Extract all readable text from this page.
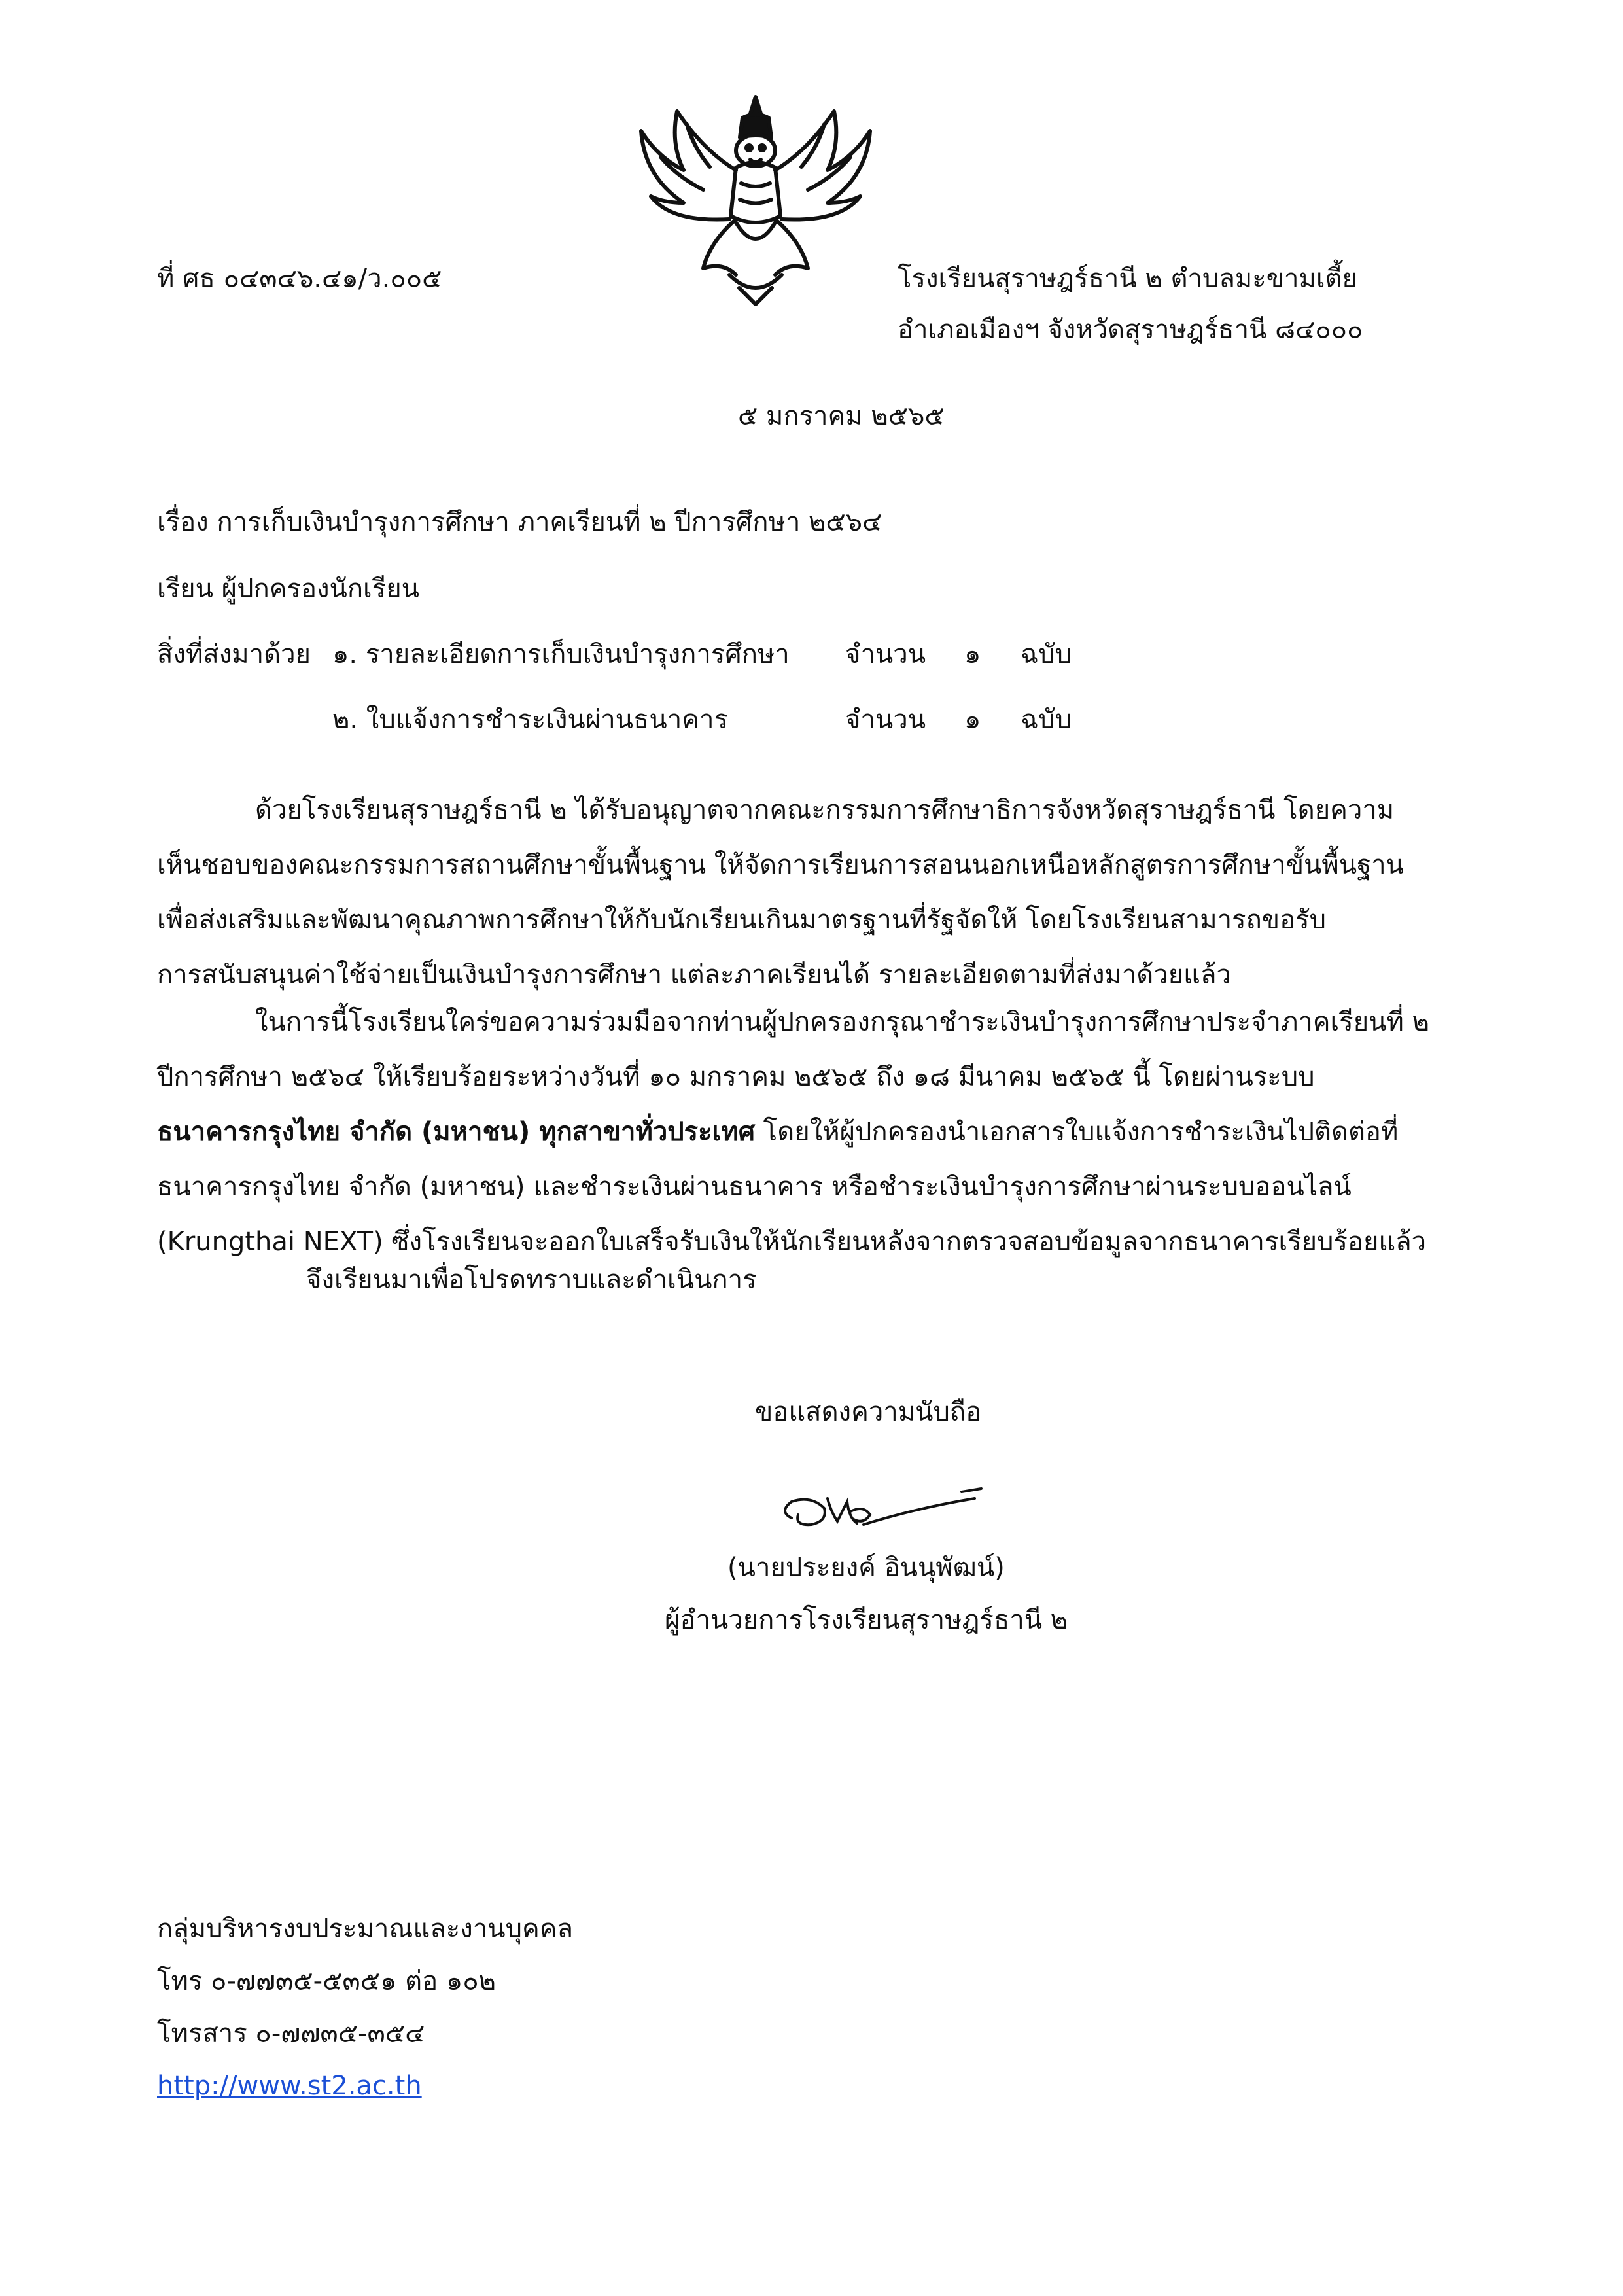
ที่ ศธ ๐๔๓๔๖.๔๑/ว.๐๐๕	โรงเรียนสุราษฎร์ธานี ๒ ตำบลมะขามเตี้ย
อำเภอเมืองฯ จังหวัดสุราษฎร์ธานี ๘๔๐๐๐
๕ มกราคม ๒๕๖๕
เรื่อง การเก็บเงินบำรุงการศึกษา ภาคเรียนที่ ๒ ปีการศึกษา ๒๕๖๔
เรียน ผู้ปกครองนักเรียน
สิ่งที่ส่งมาด้วย ๑. รายละเอียดการเก็บเงินบำรุงการศึกษา จำนวน ๑ ฉบับ
๒. ใบแจ้งการชำระเงินผ่านธนาคาร	จำนวน ๑ ฉบับ
ด้วยโรงเรียนสุราษฎร์ธานี ๒ ได้รับอนุญาตจากคณะกรรมการศึกษาธิการจังหวัดสุราษฎร์ธานี โดยความ
เห็นชอบของคณะกรรมการสถานศึกษาขั้นพื้นฐาน ให้จัดการเรียนการสอนนอกเหนือหลักสูตรการศึกษาขั้นพื้นฐาน
เพื่อส่งเสริมและพัฒนาคุณภาพการศึกษาให้กับนักเรียนเกินมาตรฐานที่รัฐจัดให้ โดยโรงเรียนสามารถขอรับ
การสนับสนุนค่าใช้จ่ายเป็นเงินบำรุงการศึกษา แต่ละภาคเรียนได้ รายละเอียดตามที่ส่งมาด้วยแล้ว
ในการนี้โรงเรียนใคร่ขอความร่วมมือจากท่านผู้ปกครองกรุณาชำระเงินบำรุงการศึกษาประจำภาคเรียนที่ ๒
ปีการศึกษา ๒๕๖๔ ให้เรียบร้อยระหว่างวันที่ ๑๐ มกราคม ๒๕๖๕ ถึง ๑๘ มีนาคม ๒๕๖๕ นี้ โดยผ่านระบบ
ธนาคารกรุงไทย จำกัด (มหาชน) ทุกสาขาทั่วประเทศ โดยให้ผู้ปกครองนำเอกสารใบแจ้งการชำระเงินไปติดต่อที่
ธนาคารกรุงไทย จำกัด (มหาชน) และชำระเงินผ่านธนาคาร หรือชำระเงินบำรุงการศึกษาผ่านระบบออนไลน์
(Krungthai NEXT) ซึ่งโรงเรียนจะออกใบเสร็จรับเงินให้นักเรียนหลังจากตรวจสอบข้อมูลจากธนาคารเรียบร้อยแล้ว
จึงเรียนมาเพื่อโปรดทราบและดำเนินการ
ขอแสดงความนับถือ
(นายประยงค์ อินนุพัฒน์)
ผู้อำนวยการโรงเรียนสุราษฎร์ธานี ๒
กลุ่มบริหารงบประมาณและงานบุคคล
โทร ๐-๗๗๓๕-๕๓๕๑ ต่อ ๑๐๒
โทรสาร ๐-๗๗๓๕-๓๕๔
http://www.st2.ac.th
